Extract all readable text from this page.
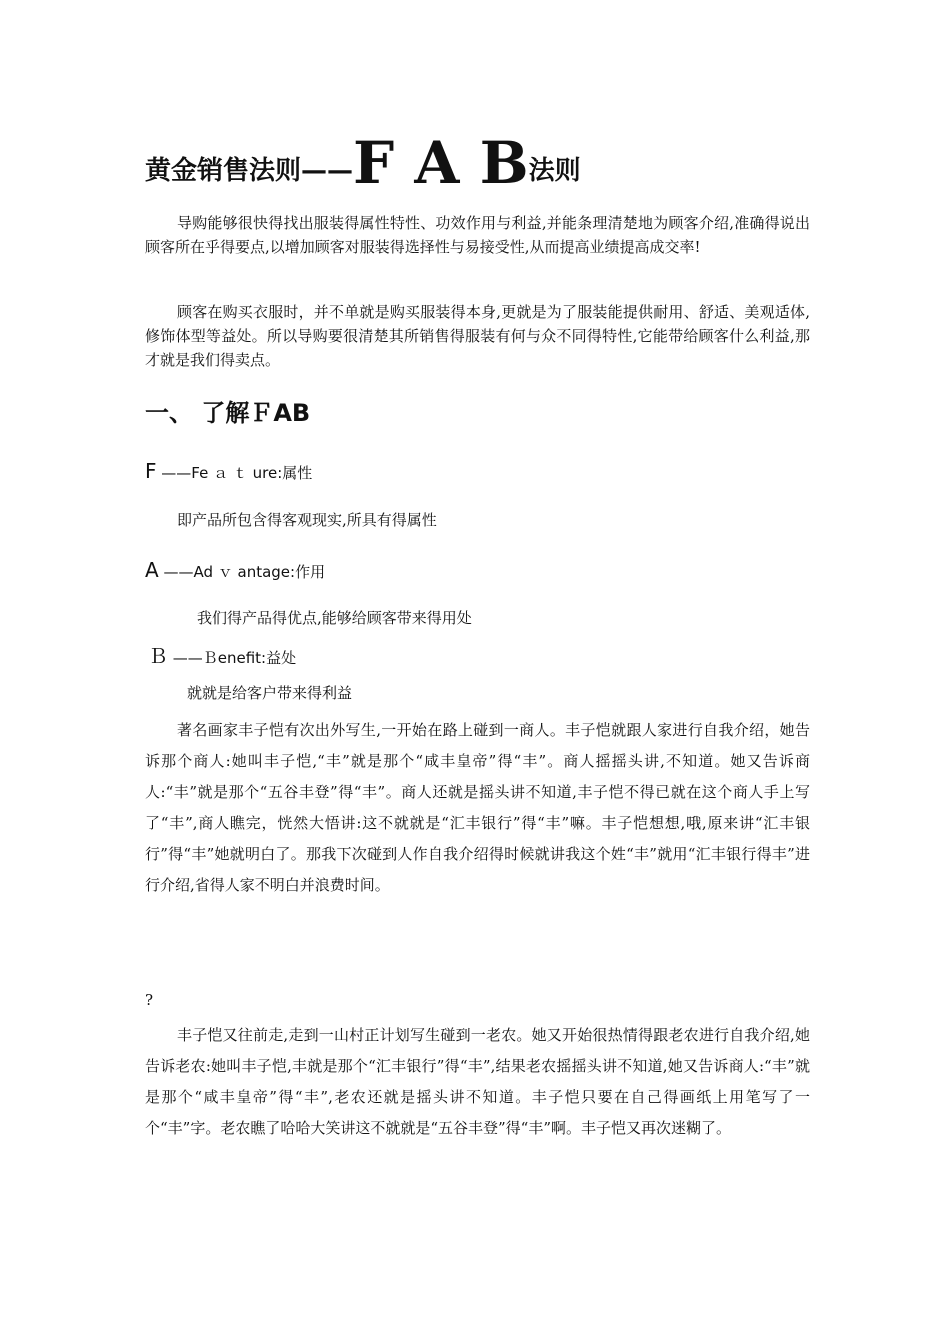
黄金销售法则——F A B法则

导购能够很快得找出服装得属性特性、功效作用与利益,并能条理清楚地为顾客介绍,准确得说出顾客所在乎得要点,以增加顾客对服装得选择性与易接受性,从而提高业绩提高成交率!

顾客在购买衣服时，并不单就是购买服装得本身,更就是为了服装能提供耐用、舒适、美观适体,修饰体型等益处。所以导购要很清楚其所销售得服装有何与众不同得特性,它能带给顾客什么利益,那才就是我们得卖点。

一、 了解ＦAB
F ——Fe ａ ｔ ure:属性
即产品所包含得客观现实,所具有得属性
A ——Ad ｖ antage:作用
我们得产品得优点,能够给顾客带来得用处
Ｂ ——Ｂenefit:益处
就就是给客户带来得利益

著名画家丰子恺有次出外写生,一开始在路上碰到一商人。丰子恺就跟人家进行自我介绍，她告诉那个商人:她叫丰子恺,“丰”就是那个“咸丰皇帝”得“丰”。商人摇摇头讲,不知道。她又告诉商人:“丰”就是那个“五谷丰登”得“丰”。商人还就是摇头讲不知道,丰子恺不得已就在这个商人手上写了“丰”,商人瞧完，恍然大悟讲:这不就就是“汇丰银行”得“丰”嘛。丰子恺想想,哦,原来讲“汇丰银行”得“丰”她就明白了。那我下次碰到人作自我介绍得时候就讲我这个姓“丰”就用“汇丰银行得丰”进行介绍,省得人家不明白并浪费时间。

?

丰子恺又往前走,走到一山村正计划写生碰到一老农。她又开始很热情得跟老农进行自我介绍,她告诉老农:她叫丰子恺,丰就是那个“汇丰银行”得“丰”,结果老农摇摇头讲不知道,她又告诉商人:“丰”就是那个“咸丰皇帝”得“丰”,老农还就是摇头讲不知道。丰子恺只要在自己得画纸上用笔写了一个“丰”字。老农瞧了哈哈大笑讲这不就就是“五谷丰登”得“丰”啊。丰子恺又再次迷糊了。
